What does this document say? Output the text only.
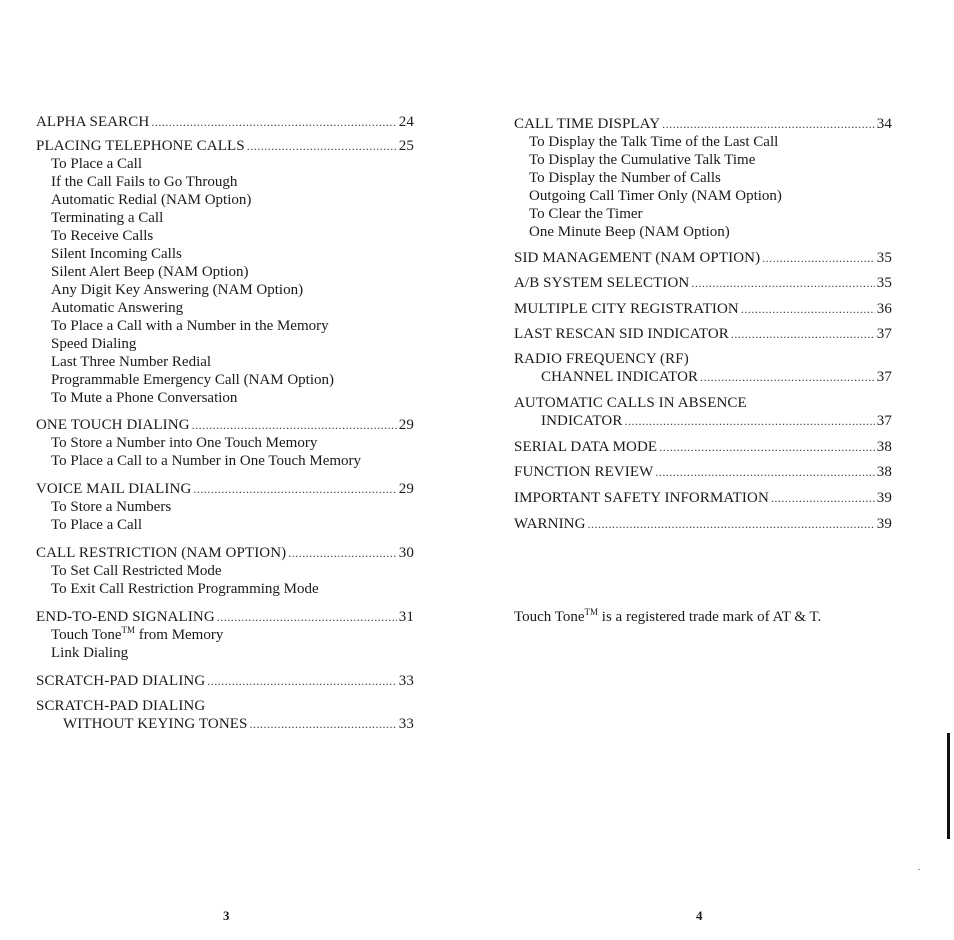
ALPHA SEARCH .....	24
PLACING TELEPHONE CALLS .....	25
To Place a Call
If the Call Fails to Go Through
Automatic Redial (NAM Option)
Terminating a Call
To Receive Calls
Silent Incoming Calls
Silent Alert Beep (NAM Option)
Any Digit Key Answering (NAM Option)
Automatic Answering
To Place a Call with a Number in the Memory
Speed Dialing
Last Three Number Redial
Programmable Emergency Call (NAM Option)
To Mute a Phone Conversation
ONE TOUCH DIALING .....	29
To Store a Number into One Touch Memory
To Place a Call to a Number in One Touch Memory
VOICE MAIL DIALING .....	29
To Store a Numbers
To Place a Call
CALL RESTRICTION (NAM OPTION) .....	30
To Set Call Restricted Mode
To Exit Call Restriction Programming Mode
END-TO-END SIGNALING .....	31
Touch Tone™ from Memory
Link Dialing
SCRATCH-PAD DIALING .....	33
SCRATCH-PAD DIALING
WITHOUT KEYING TONES .....	33
Touch Tone™ is a registered trade mark of AT & T.
CALL TIME DISPLAY .....	34
To Display the Talk Time of the Last Call
To Display the Cumulative Talk Time
To Display the Number of Calls
Outgoing Call Timer Only (NAM Option)
To Clear the Timer
One Minute Beep (NAM Option)
SID MANAGEMENT (NAM OPTION) .....	35
A/B SYSTEM SELECTION .....	35
MULTIPLE CITY REGISTRATION .....	36
LAST RESCAN SID INDICATOR .....	37
RADIO FREQUENCY (RF)
CHANNEL INDICATOR .....	37
AUTOMATIC CALLS IN ABSENCE
INDICATOR .....	37
SERIAL DATA MODE .....	38
FUNCTION REVIEW .....	38
IMPORTANT SAFETY INFORMATION .....	39
WARNING .....	39
3	4
